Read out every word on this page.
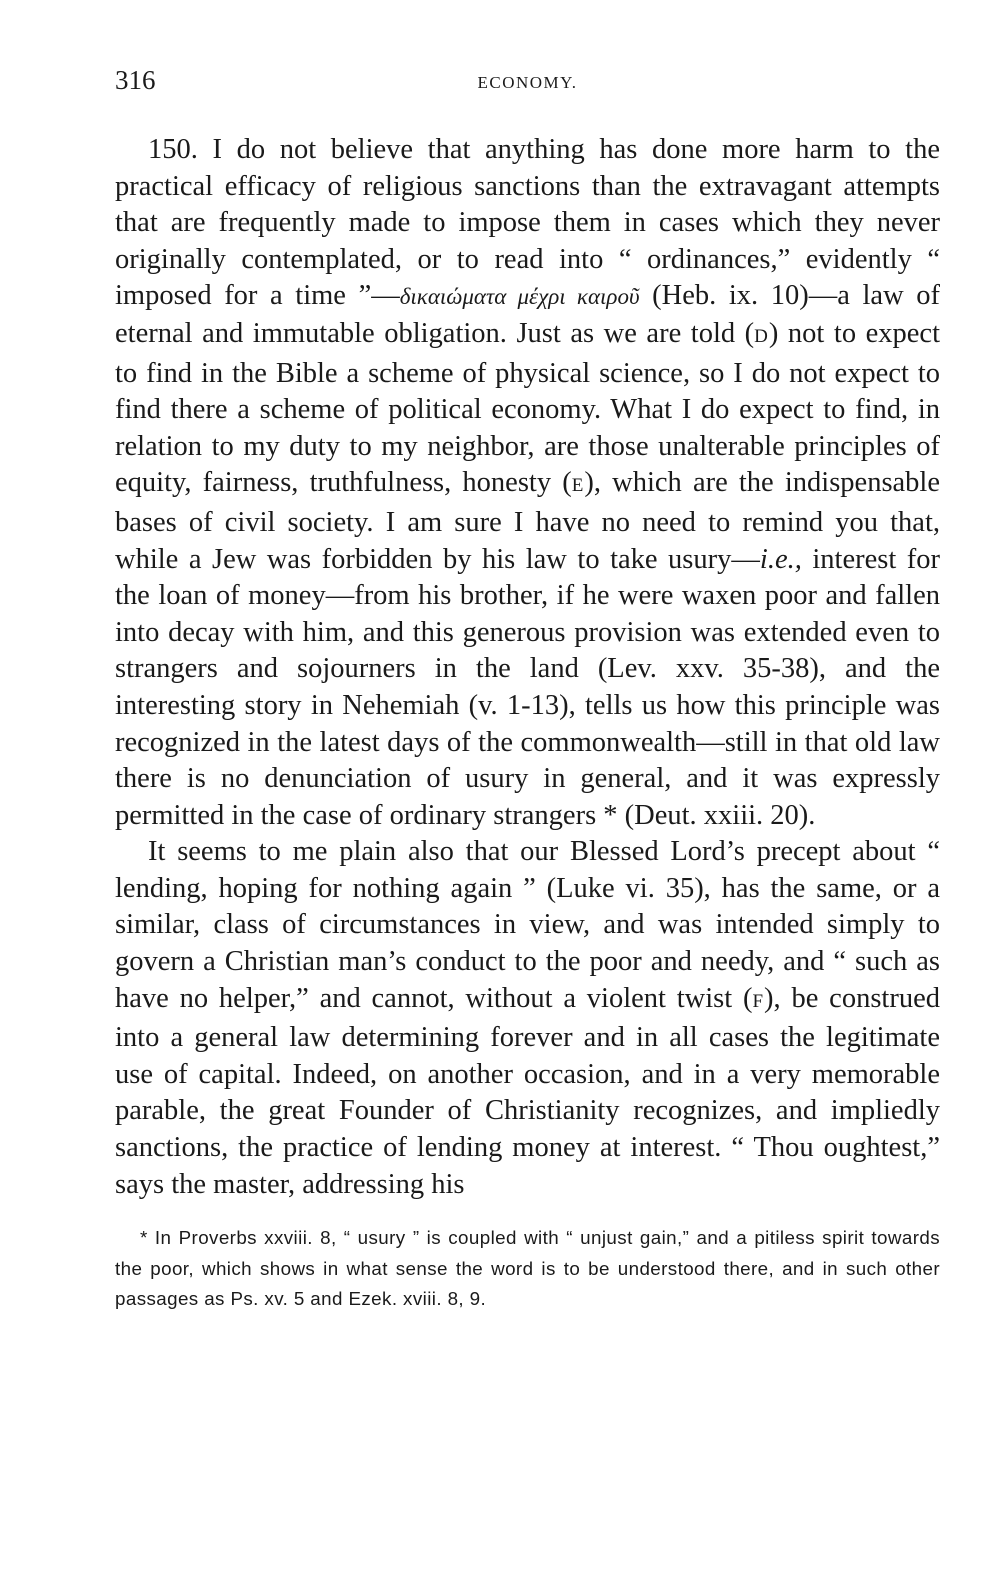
316	ECONOMY.

150. I do not believe that anything has done more harm to the practical efficacy of religious sanctions than the extravagant attempts that are frequently made to impose them in cases which they never originally contemplated, or to read into “ ordinances,” evidently “ imposed for a time ”—δικαιώματα μέχρι καιροῦ (Heb. ix. 10)—a law of eternal and immutable obligation. Just as we are told (D) not to expect to find in the Bible a scheme of physical science, so I do not expect to find there a scheme of political economy. What I do expect to find, in relation to my duty to my neighbor, are those unalterable principles of equity, fairness, truthfulness, honesty (E), which are the indispensable bases of civil society. I am sure I have no need to remind you that, while a Jew was forbidden by his law to take usury—i.e., interest for the loan of money—from his brother, if he were waxen poor and fallen into decay with him, and this generous provision was extended even to strangers and sojourners in the land (Lev. xxv. 35-38), and the interesting story in Nehemiah (v. 1-13), tells us how this principle was recognized in the latest days of the commonwealth—still in that old law there is no denunciation of usury in general, and it was expressly permitted in the case of ordinary strangers * (Deut. xxiii. 20).

It seems to me plain also that our Blessed Lord’s precept about “ lending, hoping for nothing again ” (Luke vi. 35), has the same, or a similar, class of circumstances in view, and was intended simply to govern a Christian man’s conduct to the poor and needy, and “ such as have no helper,” and cannot, without a violent twist (F), be construed into a general law determining forever and in all cases the legitimate use of capital. Indeed, on another occasion, and in a very memorable parable, the great Founder of Christianity recognizes, and impliedly sanctions, the practice of lending money at interest. “ Thou oughtest,” says the master, addressing his

* In Proverbs xxviii. 8, “ usury ” is coupled with “ unjust gain,” and a pitiless spirit towards the poor, which shows in what sense the word is to be understood there, and in such other passages as Ps. xv. 5 and Ezek. xviii. 8, 9.
